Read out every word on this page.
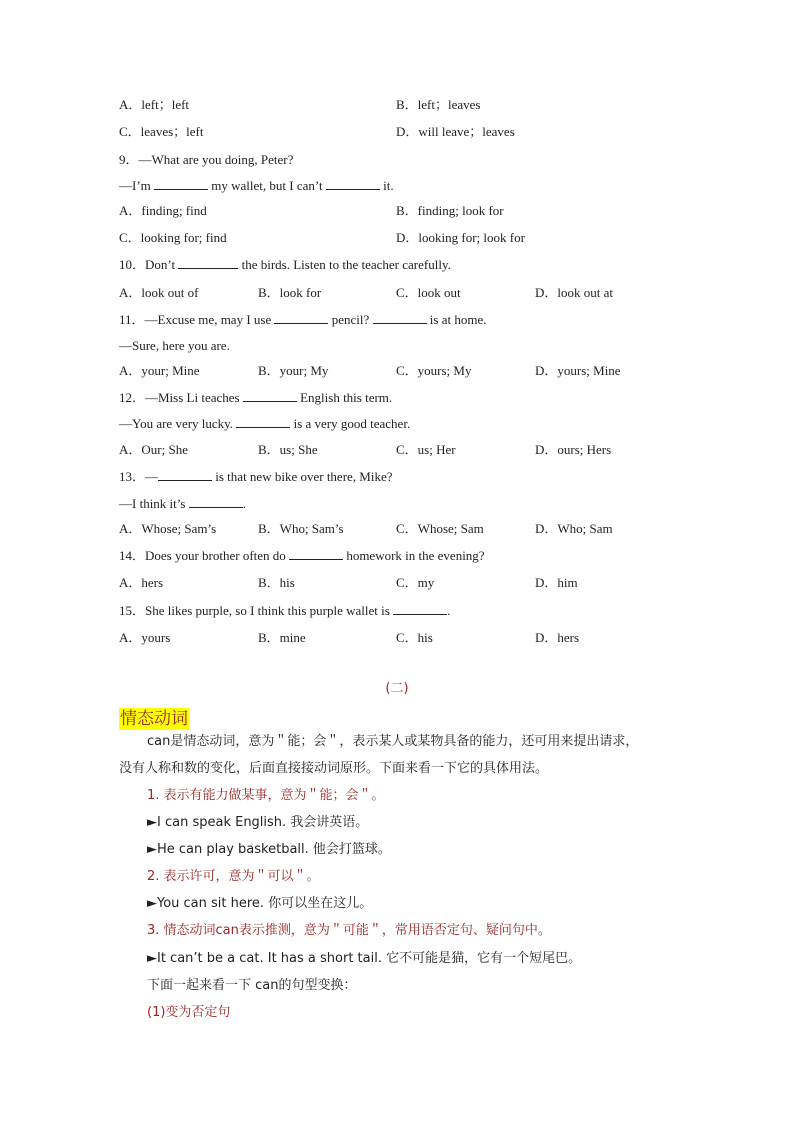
A．left；left	B．left；leaves
C．leaves；left	D．will leave；leaves
9．—What are you doing, Peter?
—I’m	my wallet, but I can’t	it.
A．finding; find	B．finding; look for
C．looking for; find	D．looking for; look for
10．Don’t	the birds. Listen to the teacher carefully.
A．look out of	B．look for	C．look out	D．look out at
11．—Excuse me, may I use	pencil?	is at home.
—Sure, here you are.
A．your; Mine	B．your; My	C．yours; My	D．yours; Mine
12．—Miss Li teaches	English this term.
—You are very lucky.	is a very good teacher.
A．Our; She	B．us; She	C．us; Her	D．ours; Hers
13．—	is that new bike over there, Mike?
—I think it’s	.
A．Whose; Sam’s	B．Who; Sam’s	C．Whose; Sam	D．Who; Sam
14．Does your brother often do	homework in the evening?
A．hers	B．his	C．my	D．him
15．She likes purple, so I think this purple wallet is	.
A．yours	B．mine	C．his	D．hers
(二)
情态动词
can是情态动词，意为＂能；会＂，表示某人或某物具备的能力，还可用来提出请求，
没有人称和数的变化，后面直接接动词原形。下面来看一下它的具体用法。
1. 表示有能力做某事，意为＂能；会＂。
►I can speak English. 我会讲英语。
►He can play basketball. 他会打篮球。
2. 表示许可，意为＂可以＂。
►You can sit here. 你可以坐在这儿。
3. 情态动词can表示推测，意为＂可能＂，常用语否定句、疑问句中。
►It can’t be a cat. It has a short tail. 它不可能是猫，它有一个短尾巴。
下面一起来看一下 can的句型变换：
(1)变为否定句
